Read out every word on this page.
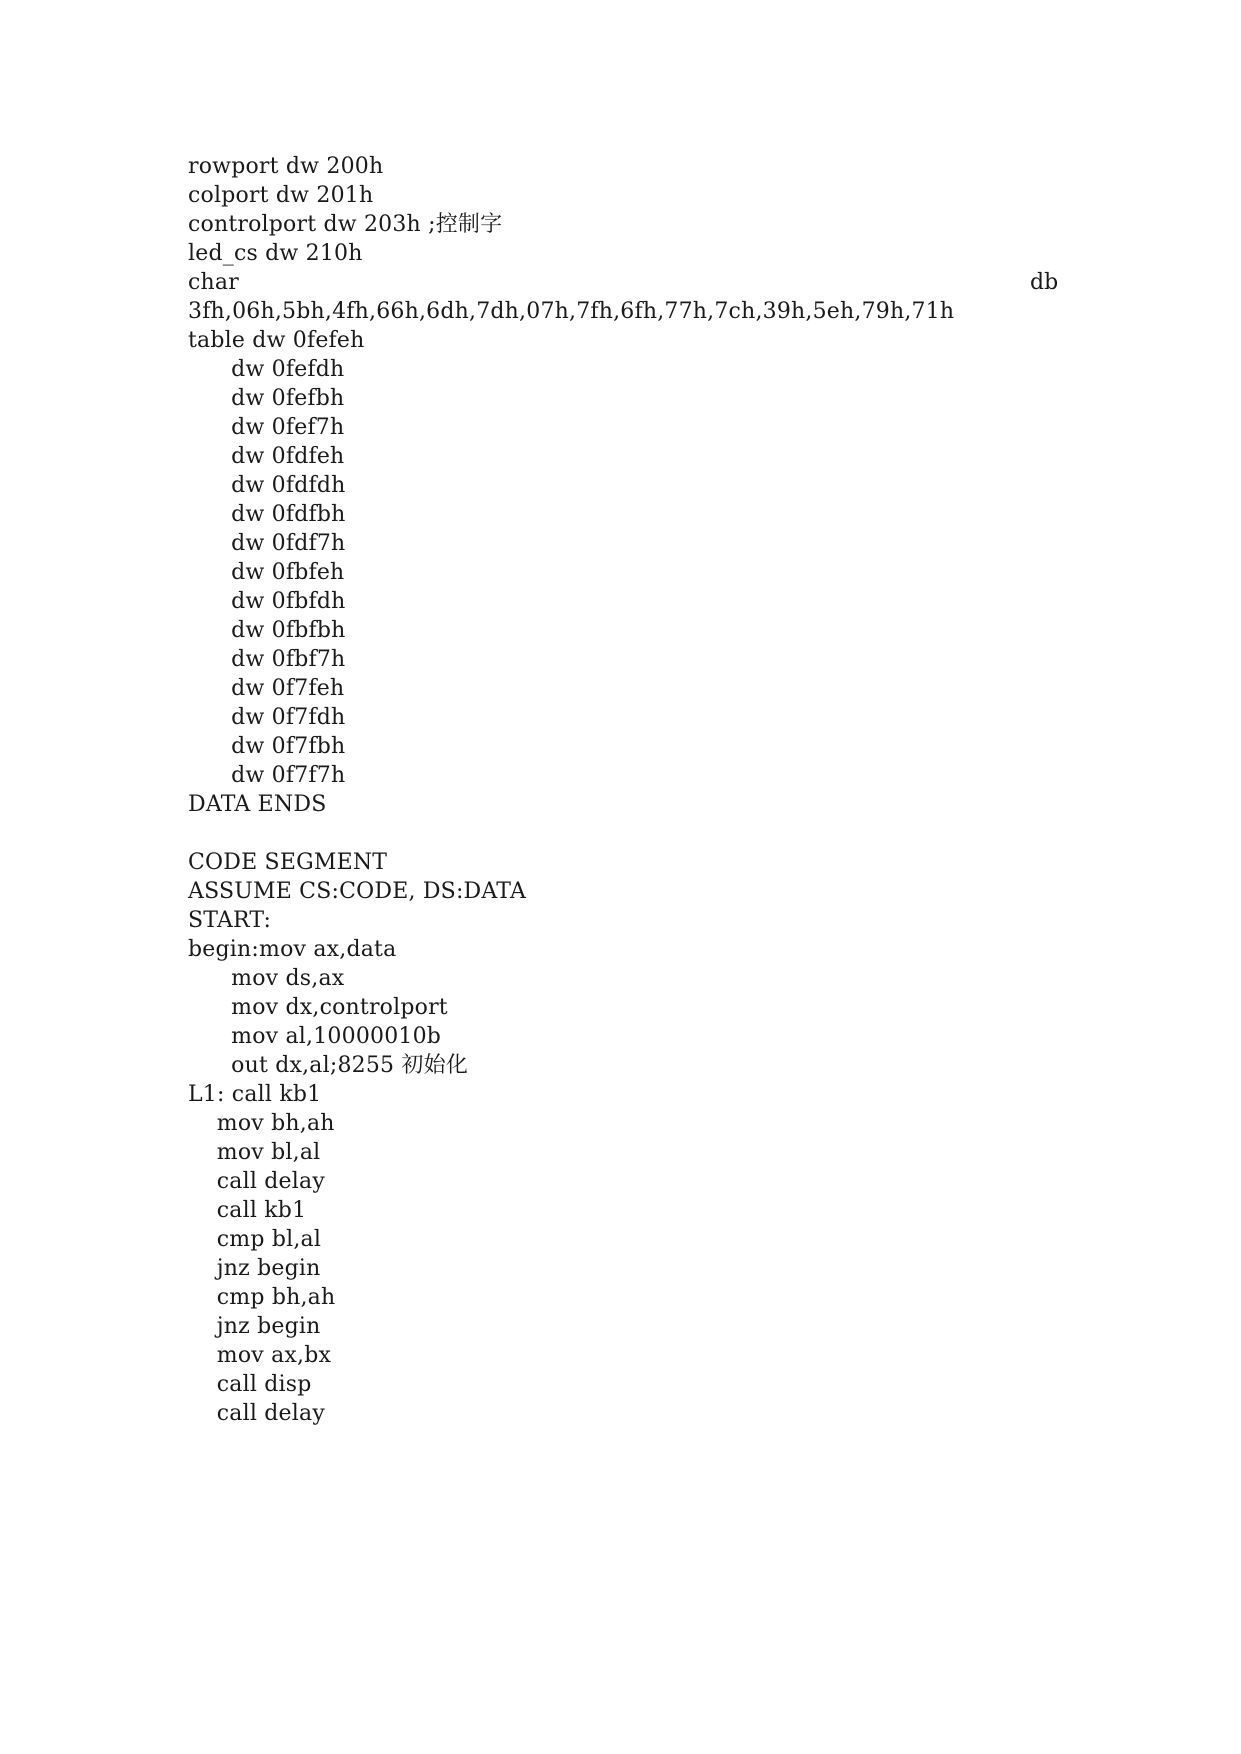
rowport dw 200h
colport dw 201h
controlport dw 203h ;控制字
led_cs dw 210h
char	db
3fh,06h,5bh,4fh,66h,6dh,7dh,07h,7fh,6fh,77h,7ch,39h,5eh,79h,71h
table dw 0fefeh
dw 0fefdh
dw 0fefbh
dw 0fef7h
dw 0fdfeh
dw 0fdfdh
dw 0fdfbh
dw 0fdf7h
dw 0fbfeh
dw 0fbfdh
dw 0fbfbh
dw 0fbf7h
dw 0f7feh
dw 0f7fdh
dw 0f7fbh
dw 0f7f7h
DATA ENDS
CODE SEGMENT
ASSUME CS:CODE, DS:DATA
START:
begin:mov ax,data
mov ds,ax
mov dx,controlport
mov al,10000010b
out dx,al;8255 初始化
L1: call kb1
mov bh,ah
mov bl,al
call delay
call kb1
cmp bl,al
jnz begin
cmp bh,ah
jnz begin
mov ax,bx
call disp
call delay
